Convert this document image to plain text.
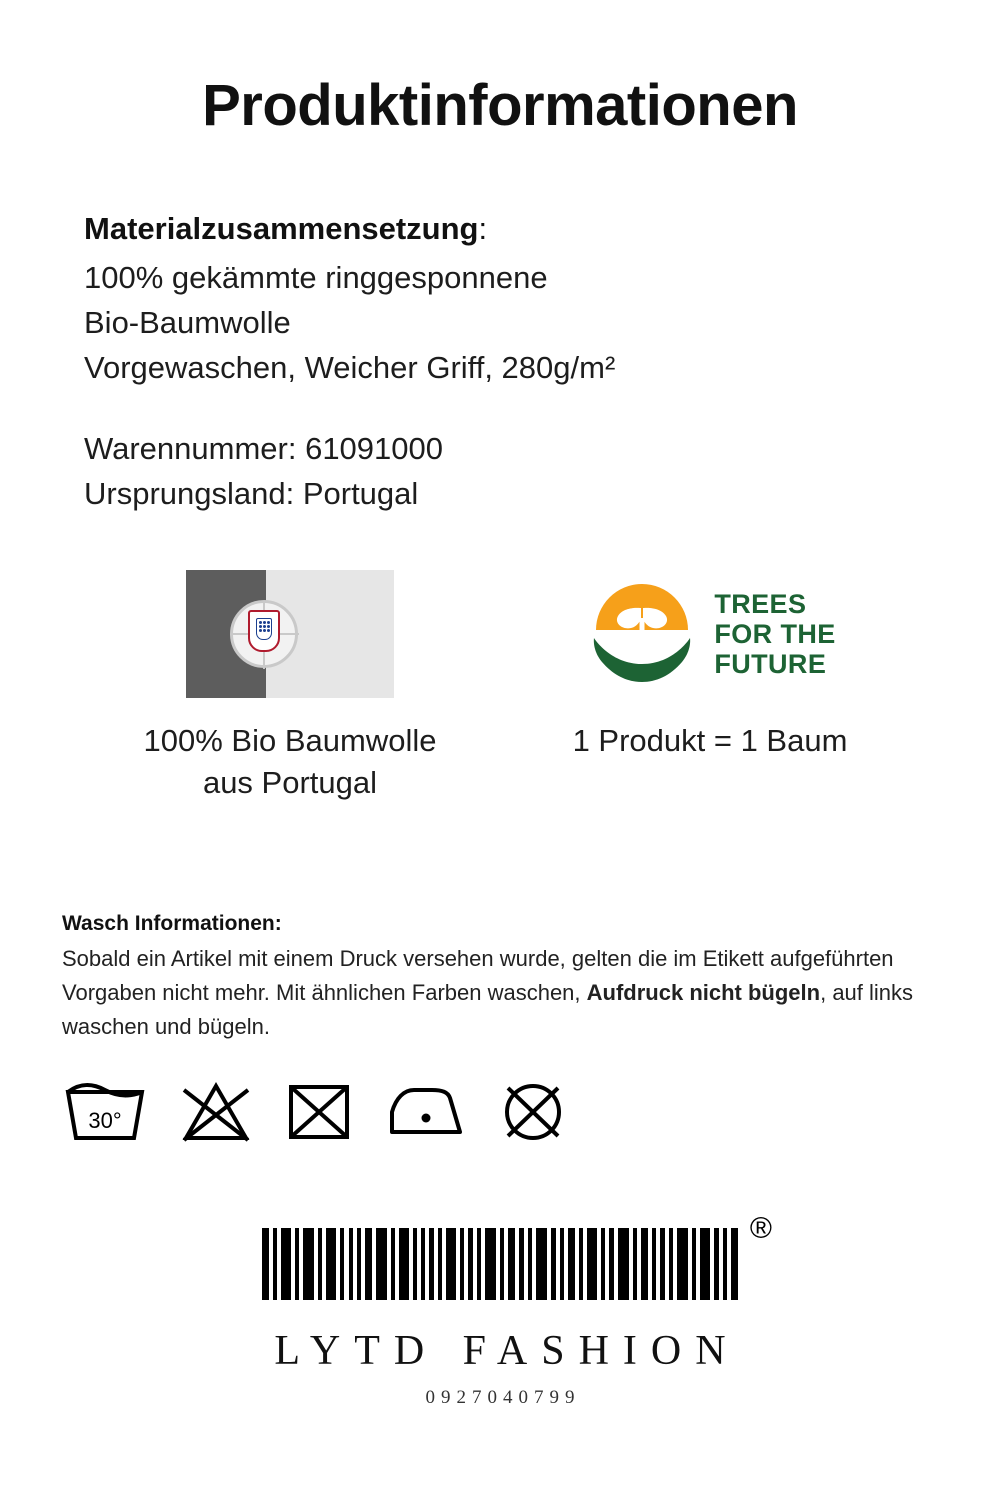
Produktinformationen
Materialzusammensetzung:
100% gekämmte ringgesponnene
Bio-Baumwolle
Vorgewaschen, Weicher Griff, 280g/m²
Warennummer: 61091000
Ursprungsland: Portugal
100% Bio Baumwolle
aus Portugal
TREES
FOR THE
FUTURE
1 Produkt = 1 Baum
Wasch Informationen:
Sobald ein Artikel mit einem Druck versehen wurde, gelten die im Etikett aufgeführten Vorgaben nicht mehr. Mit ähnlichen Farben waschen, Aufdruck nicht bügeln, auf links waschen und bügeln.
30°
®
LYTD FASHION
0927040799
